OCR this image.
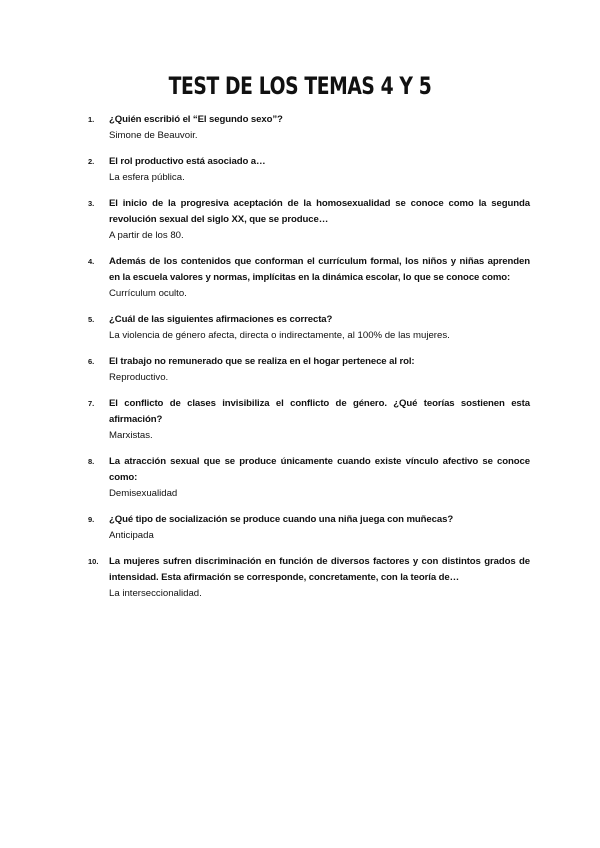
TEST DE LOS TEMAS 4 Y 5
1. ¿Quién escribió el “El segundo sexo”?
Simone de Beauvoir.
2. El rol productivo está asociado a…
La esfera pública.
3. El inicio de la progresiva aceptación de la homosexualidad se conoce como la segunda revolución sexual del siglo XX, que se produce…
A partir de los 80.
4. Además de los contenidos que conforman el currículum formal, los niños y niñas aprenden en la escuela valores y normas, implícitas en la dinámica escolar, lo que se conoce como:
Currículum oculto.
5. ¿Cuál de las siguientes afirmaciones es correcta?
La violencia de género afecta, directa o indirectamente, al 100% de las mujeres.
6. El trabajo no remunerado que se realiza en el hogar pertenece al rol:
Reproductivo.
7. El conflicto de clases invisibiliza el conflicto de género. ¿Qué teorías sostienen esta afirmación?
Marxistas.
8. La atracción sexual que se produce únicamente cuando existe vínculo afectivo se conoce como:
Demisexualidad
9. ¿Qué tipo de socialización se produce cuando una niña juega con muñecas?
Anticipada
10. La mujeres sufren discriminación en función de diversos factores y con distintos grados de intensidad. Esta afirmación se corresponde, concretamente, con la teoría de…
La interseccionalidad.
